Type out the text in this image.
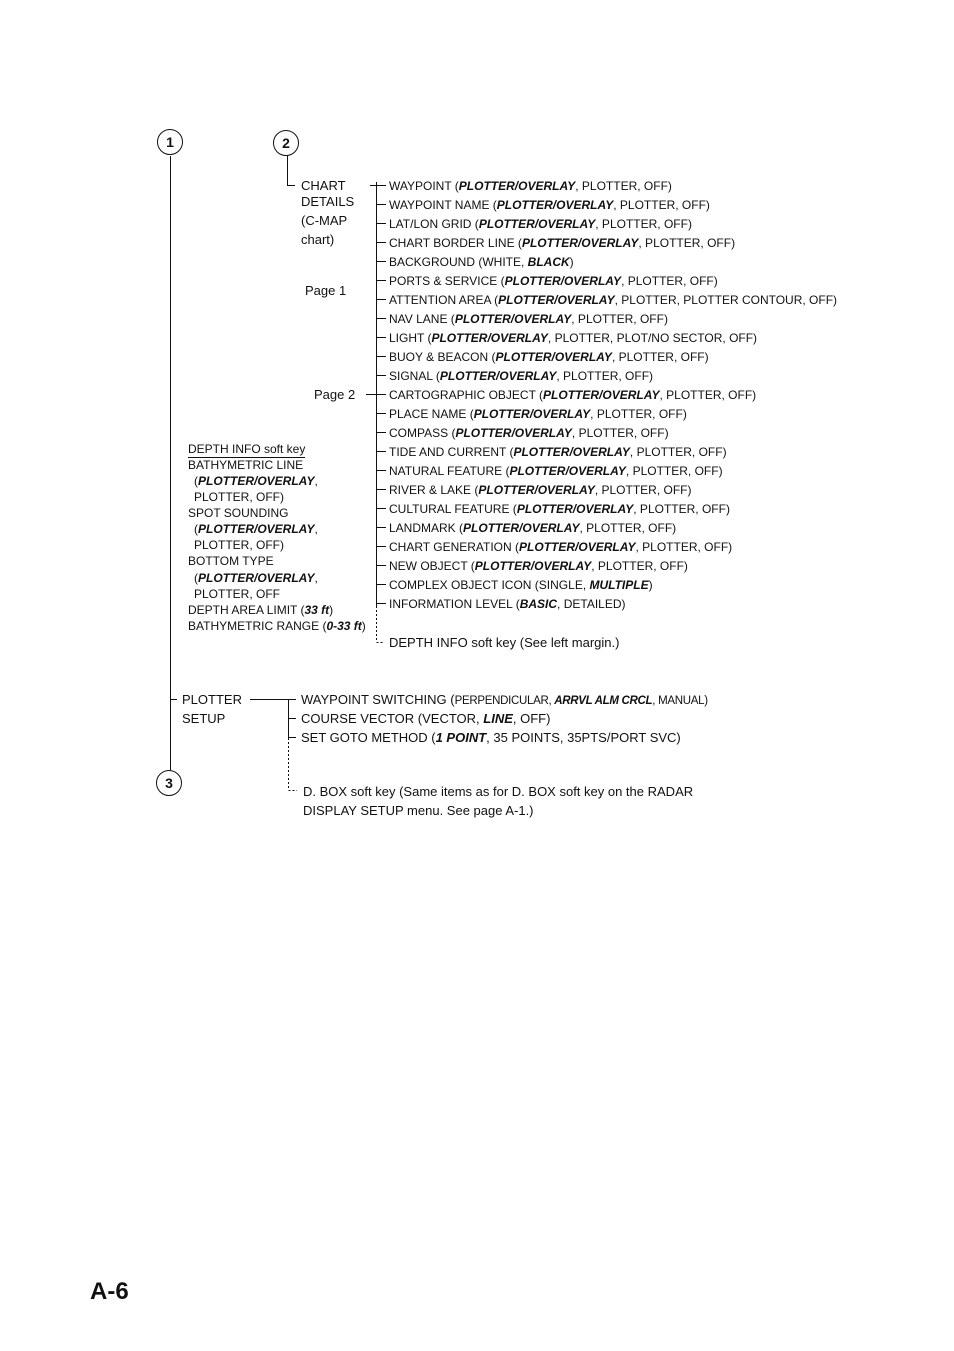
1	2
3
CHART
DETAILS
(C-MAP
chart)
Page 1
Page 2
WAYPOINT (PLOTTER/OVERLAY, PLOTTER, OFF)
WAYPOINT NAME (PLOTTER/OVERLAY, PLOTTER, OFF)
LAT/LON GRID (PLOTTER/OVERLAY, PLOTTER, OFF)
CHART BORDER LINE (PLOTTER/OVERLAY, PLOTTER, OFF)
BACKGROUND (WHITE, BLACK)
PORTS & SERVICE (PLOTTER/OVERLAY, PLOTTER, OFF)
ATTENTION AREA (PLOTTER/OVERLAY, PLOTTER, PLOTTER CONTOUR, OFF)
NAV LANE (PLOTTER/OVERLAY, PLOTTER, OFF)
LIGHT (PLOTTER/OVERLAY, PLOTTER, PLOT/NO SECTOR, OFF)
BUOY & BEACON (PLOTTER/OVERLAY, PLOTTER, OFF)
SIGNAL (PLOTTER/OVERLAY, PLOTTER, OFF)
CARTOGRAPHIC OBJECT (PLOTTER/OVERLAY, PLOTTER, OFF)
PLACE NAME (PLOTTER/OVERLAY, PLOTTER, OFF)
COMPASS (PLOTTER/OVERLAY, PLOTTER, OFF)
TIDE AND CURRENT (PLOTTER/OVERLAY, PLOTTER, OFF)
NATURAL FEATURE (PLOTTER/OVERLAY, PLOTTER, OFF)
RIVER & LAKE (PLOTTER/OVERLAY, PLOTTER, OFF)
CULTURAL FEATURE (PLOTTER/OVERLAY, PLOTTER, OFF)
LANDMARK (PLOTTER/OVERLAY, PLOTTER, OFF)
CHART GENERATION (PLOTTER/OVERLAY, PLOTTER, OFF)
NEW OBJECT (PLOTTER/OVERLAY, PLOTTER, OFF)
COMPLEX OBJECT ICON (SINGLE, MULTIPLE)
INFORMATION LEVEL (BASIC, DETAILED)
DEPTH INFO soft key (See left margin.)
DEPTH INFO soft key
BATHYMETRIC LINE
(PLOTTER/OVERLAY,
PLOTTER, OFF)
SPOT SOUNDING
(PLOTTER/OVERLAY,
PLOTTER, OFF)
BOTTOM TYPE
(PLOTTER/OVERLAY,
PLOTTER, OFF
DEPTH AREA LIMIT (33 ft)
BATHYMETRIC RANGE (0-33 ft)
PLOTTER
SETUP
WAYPOINT SWITCHING (PERPENDICULAR, ARRVL ALM CRCL, MANUAL)
COURSE VECTOR (VECTOR, LINE, OFF)
SET GOTO METHOD (1 POINT, 35 POINTS, 35PTS/PORT SVC)
D. BOX soft key (Same items as for D. BOX soft key on the RADAR
DISPLAY SETUP menu. See page A-1.)
A-6
